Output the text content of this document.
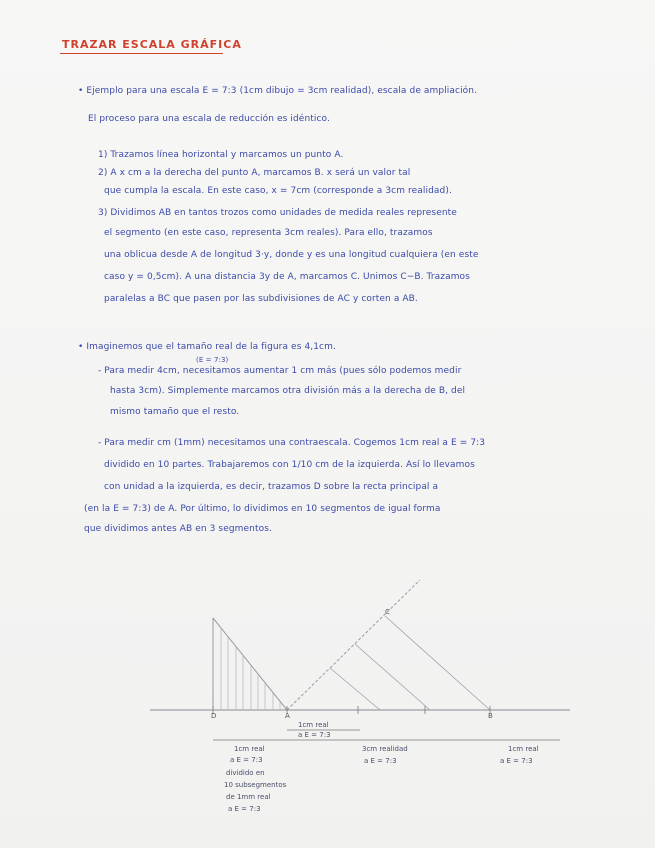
TRAZAR ESCALA GRÁFICA

• Ejemplo para una escala E = 7:3 (1cm dibujo = 3cm realidad), escala de ampliación.

El proceso para una escala de reducción es idéntico.

1) Trazamos línea horizontal y marcamos un punto A.

2) A x cm a la derecha del punto A, marcamos B. x será un valor tal

que cumpla la escala. En este caso, x = 7cm (corresponde a 3cm realidad).

3) Dividimos AB en tantos trozos como unidades de medida reales represente

el segmento (en este caso, representa 3cm reales). Para ello, trazamos

una oblicua desde A de longitud 3·y, donde y es una longitud cualquiera (en este

caso y = 0,5cm). A una distancia 3y de A, marcamos C. Unimos C−B. Trazamos

paralelas a BC que pasen por las subdivisiones de AC y corten a AB.

• Imaginemos que el tamaño real de la figura es 4,1cm.

(E = 7:3)

- Para medir 4cm, necesitamos aumentar 1 cm más (pues sólo podemos medir

hasta 3cm). Simplemente marcamos otra división más a la derecha de B, del

mismo tamaño que el resto.

- Para medir cm (1mm) necesitamos una contraescala. Cogemos 1cm real a E = 7:3

dividido en 10 partes. Trabajaremos con 1/10 cm de la izquierda. Así lo llevamos

con unidad a la izquierda, es decir, trazamos D sobre la recta principal a

(en la E = 7:3) de A. Por último, lo dividimos en 10 segmentos de igual forma

que dividimos antes AB en 3 segmentos.

D	A	B
C
1cm real
a E = 7:3
dividido en
10 subsegmentos
de 1mm real
a E = 7:3
1cm real
a E = 7:3
3cm realidad
a E = 7:3
1cm real
a E = 7:3
